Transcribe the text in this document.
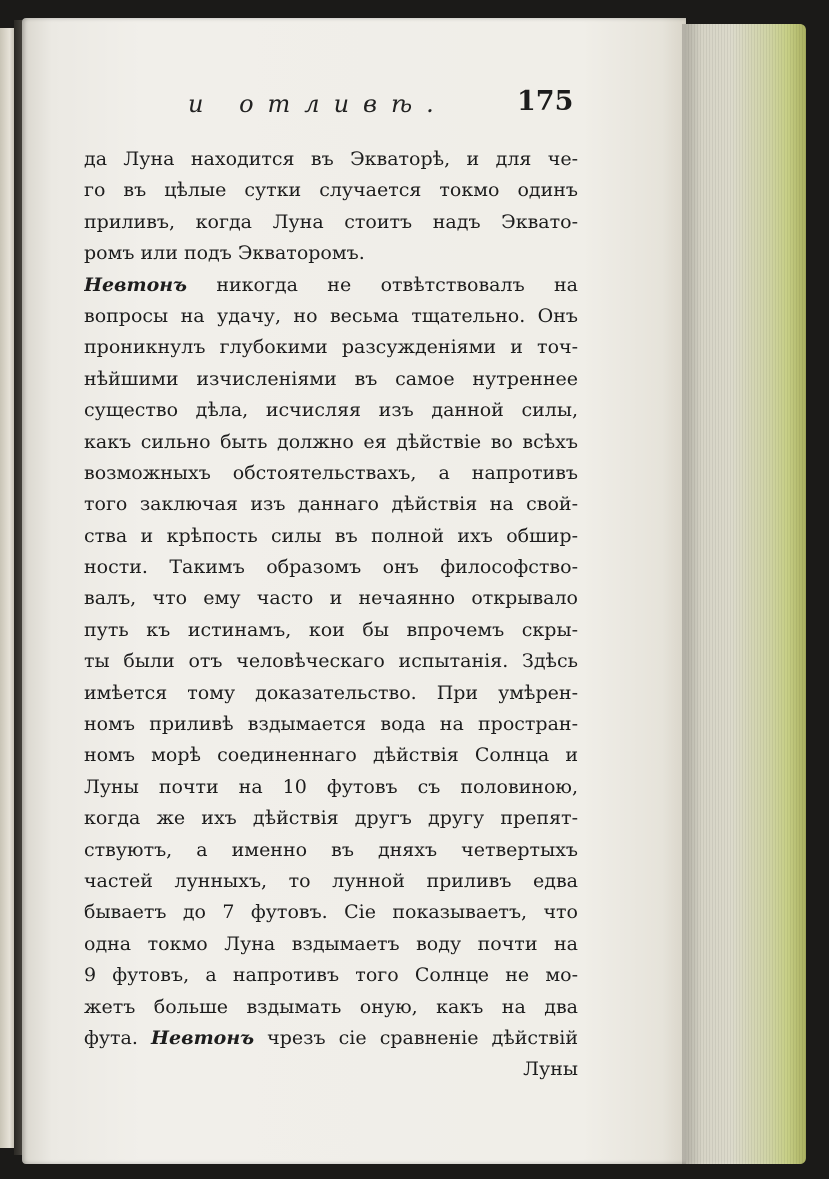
и отливѣ.	175
да Луна находится въ Экваторѣ, и для че-
го въ цѣлые сутки случается токмо одинъ
приливъ, когда Луна стоитъ надъ Эквато-
ромъ или подъ Экваторомъ.
Невтонъ никогда не отвѣтствовалъ на
вопросы на удачу, но весьма тщательно. Онъ
проникнулъ глубокими разсужденіями и точ-
нѣйшими изчисленіями въ самое нутреннее
существо дѣла, исчисляя изъ данной силы,
какъ сильно быть должно ея дѣйствіе во всѣхъ
возможныхъ обстоятельствахъ, а напротивъ
того заключая изъ даннаго дѣйствія на свой-
ства и крѣпость силы въ полной ихъ обшир-
ности. Такимъ образомъ онъ философство-
валъ, что ему часто и нечаянно открывало
путь къ истинамъ, кои бы впрочемъ скры-
ты были отъ человѣческаго испытанія. Здѣсь
имѣется тому доказательство. При умѣрен-
номъ приливѣ вздымается вода на простран-
номъ морѣ соединеннаго дѣйствія Солнца и
Луны почти на 10 футовъ съ половиною,
когда же ихъ дѣйствія другъ другу препят-
ствуютъ, а именно въ дняхъ четвертыхъ
частей лунныхъ, то лунной приливъ едва
бываетъ до 7 футовъ. Сіе показываетъ, что
одна токмо Луна вздымаетъ воду почти на
9 футовъ, а напротивъ того Солнце не мо-
жетъ больше вздымать оную, какъ на два
фута. Невтонъ чрезъ сіе сравненіе дѣйствій
Луны
